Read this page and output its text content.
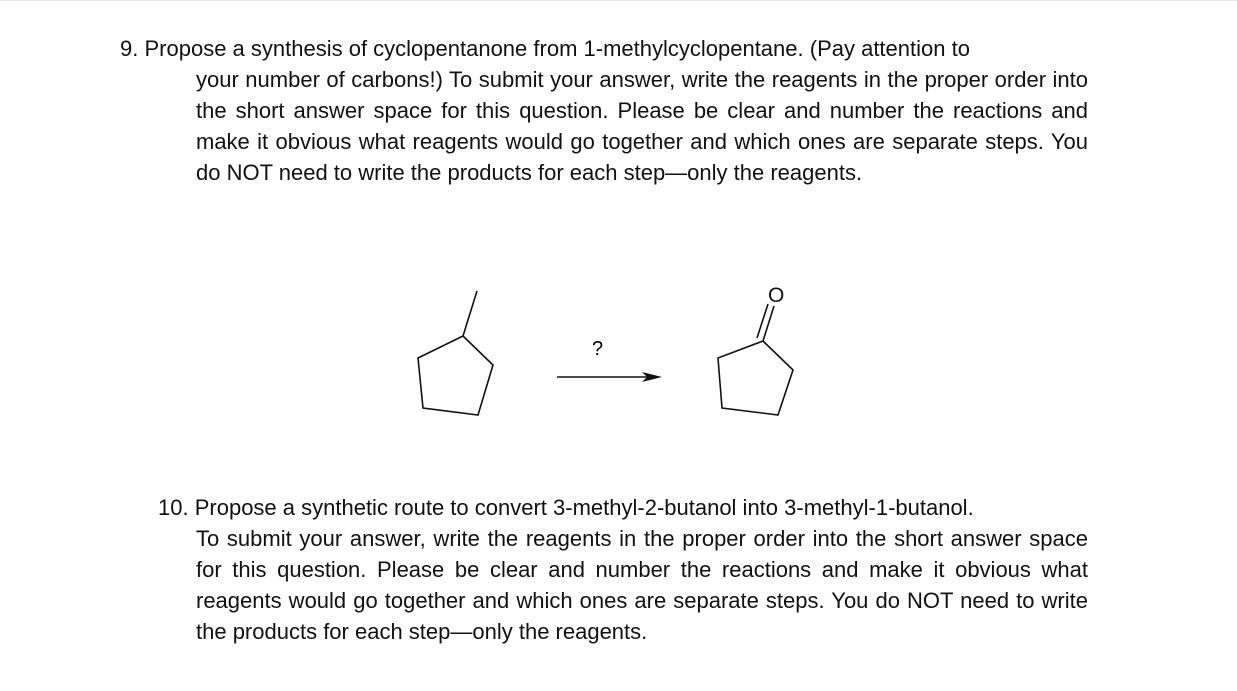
9. Propose a synthesis of cyclopentanone from 1-methylcyclopentane. (Pay attention to
your number of carbons!) To submit your answer, write the reagents in the proper order into the short answer space for this question. Please be clear and number the reactions and make it obvious what reagents would go together and which ones are separate steps. You do NOT need to write the products for each step—only the reagents.
?
O
10. Propose a synthetic route to convert 3-methyl-2-butanol into 3-methyl-1-butanol.
To submit your answer, write the reagents in the proper order into the short answer space for this question. Please be clear and number the reactions and make it obvious what reagents would go together and which ones are separate steps. You do NOT need to write the products for each step—only the reagents.
